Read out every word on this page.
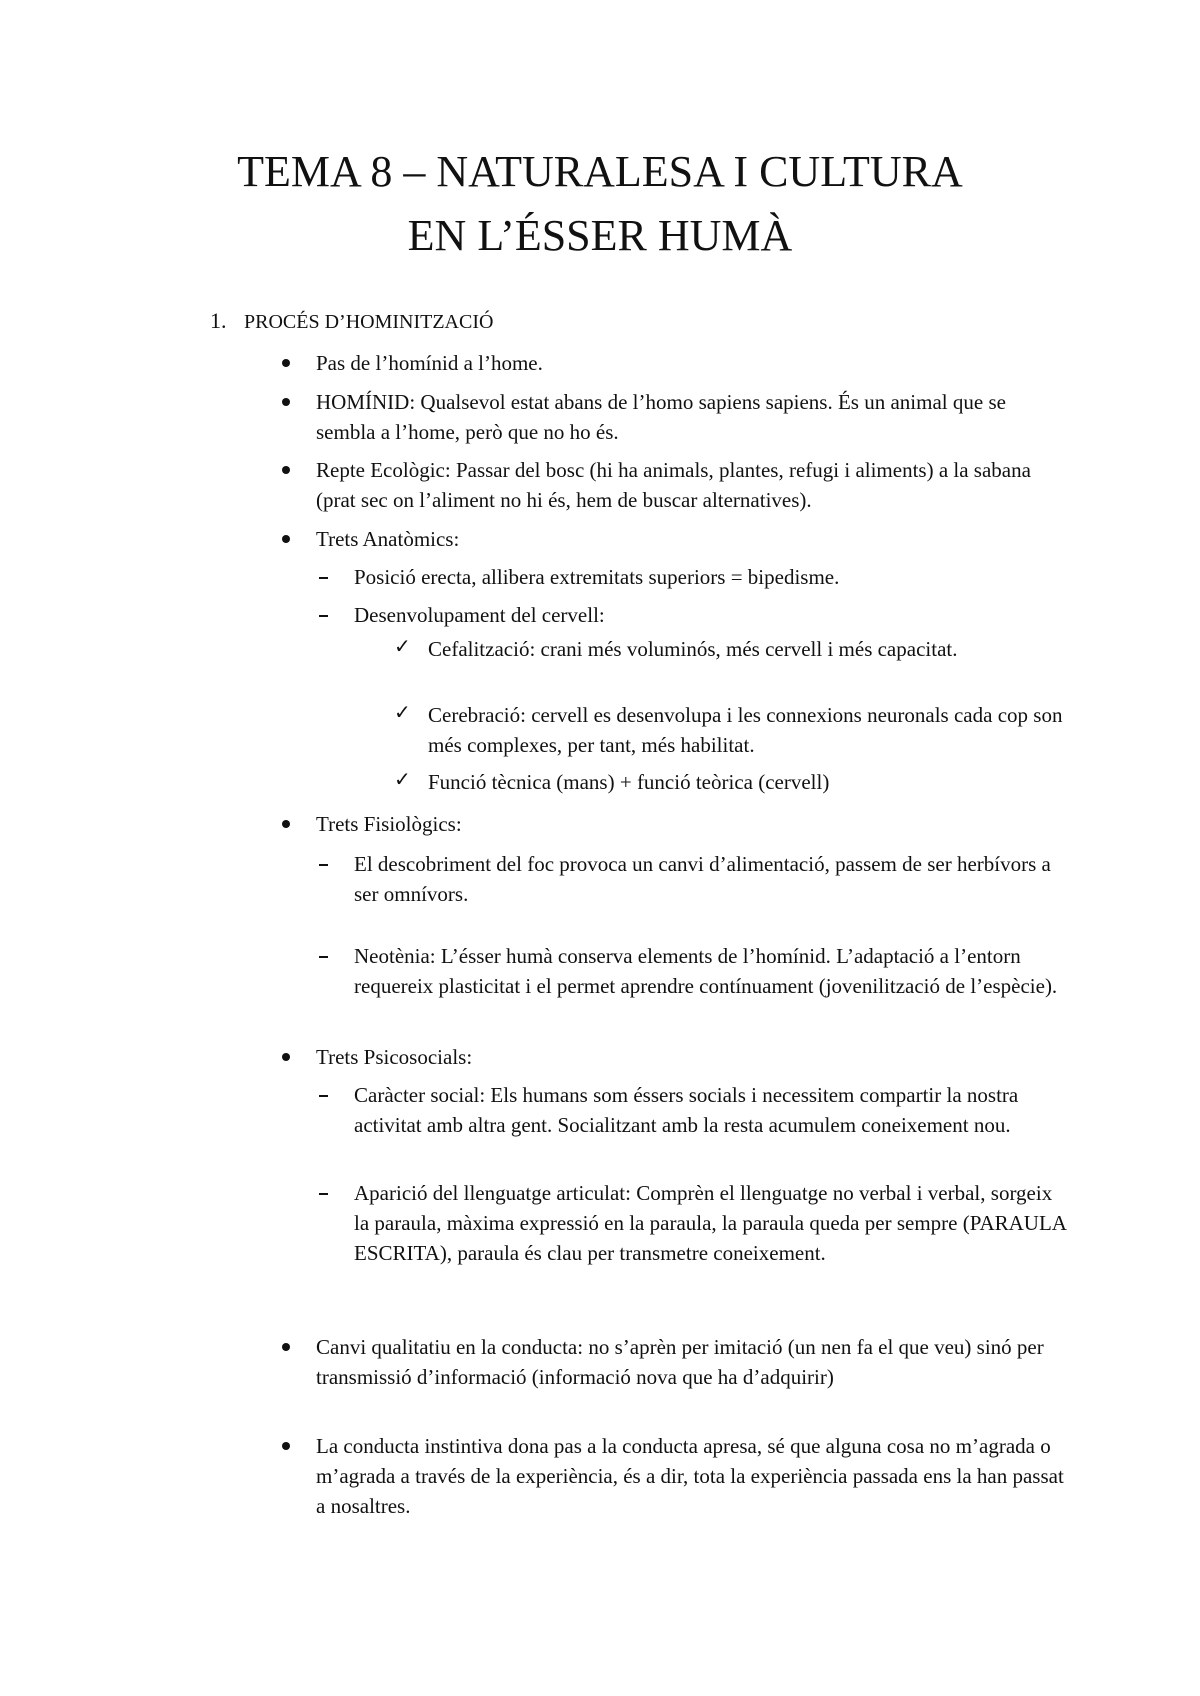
TEMA 8 – NATURALESA I CULTURA
EN L’ÉSSER HUMÀ
1. PROCÉS D’HOMINITZACIÓ
Pas de l’homínid a l’home.
HOMÍNID: Qualsevol estat abans de l’homo sapiens sapiens. És un animal que se sembla a l’home, però que no ho és.
Repte Ecològic: Passar del bosc (hi ha animals, plantes, refugi i aliments) a la sabana (prat sec on l’aliment no hi és, hem de buscar alternatives).
Trets Anatòmics:
Posició erecta, allibera extremitats superiors = bipedisme.
Desenvolupament del cervell:
✓ Cefalització: crani més voluminós, més cervell i més capacitat.
✓ Cerebració: cervell es desenvolupa i les connexions neuronals cada cop son més complexes, per tant, més habilitat.
✓ Funció tècnica (mans) + funció teòrica (cervell)
Trets Fisiològics:
El descobriment del foc provoca un canvi d’alimentació, passem de ser herbívors a ser omnívors.
Neotènia: L’ésser humà conserva elements de l’homínid. L’adaptació a l’entorn requereix plasticitat i el permet aprendre contínuament (jovenilització de l’espècie).
Trets Psicosocials:
Caràcter social: Els humans som éssers socials i necessitem compartir la nostra activitat amb altra gent. Socialitzant amb la resta acumulem coneixement nou.
Aparició del llenguatge articulat: Comprèn el llenguatge no verbal i verbal, sorgeix la paraula, màxima expressió en la paraula, la paraula queda per sempre (PARAULA ESCRITA), paraula és clau per transmetre coneixement.
Canvi qualitatiu en la conducta: no s’aprèn per imitació (un nen fa el que veu) sinó per transmissió d’informació (informació nova que ha d’adquirir)
La conducta instintiva dona pas a la conducta apresa, sé que alguna cosa no m’agrada o m’agrada a través de la experiència, és a dir, tota la experiència passada ens la han passat a nosaltres.
